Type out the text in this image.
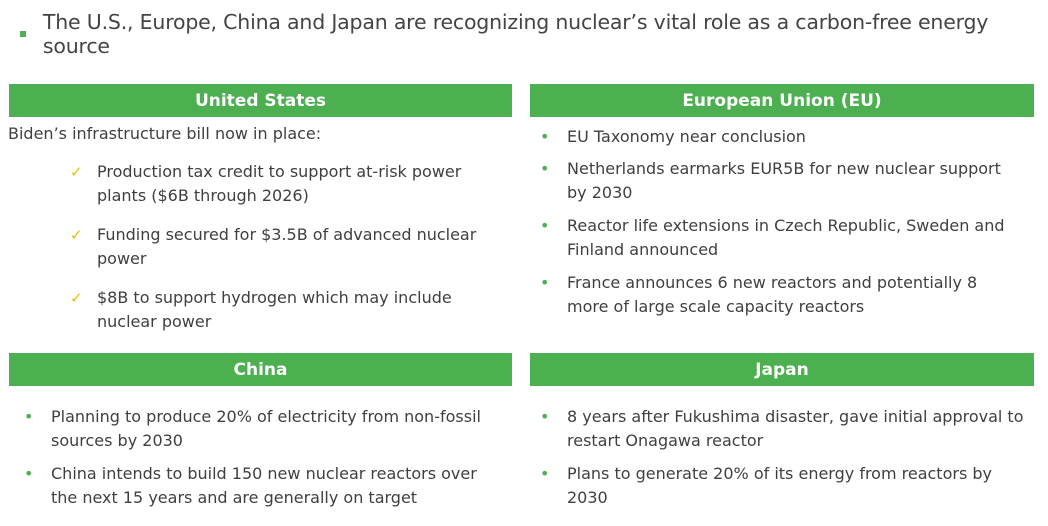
The U.S., Europe, China and Japan are recognizing nuclear’s vital role as a carbon-free energy source
United States
Biden’s infrastructure bill now in place:
✓ Production tax credit to support at-risk power plants ($6B through 2026)
✓ Funding secured for $3.5B of advanced nuclear power
✓ $8B to support hydrogen which may include nuclear power
European Union (EU)
• EU Taxonomy near conclusion
• Netherlands earmarks EUR5B for new nuclear support by 2030
• Reactor life extensions in Czech Republic, Sweden and Finland announced
• France announces 6 new reactors and potentially 8 more of large scale capacity reactors
China
• Planning to produce 20% of electricity from non-fossil sources by 2030
• China intends to build 150 new nuclear reactors over the next 15 years and are generally on target
Japan
• 8 years after Fukushima disaster, gave initial approval to restart Onagawa reactor
• Plans to generate 20% of its energy from reactors by 2030
